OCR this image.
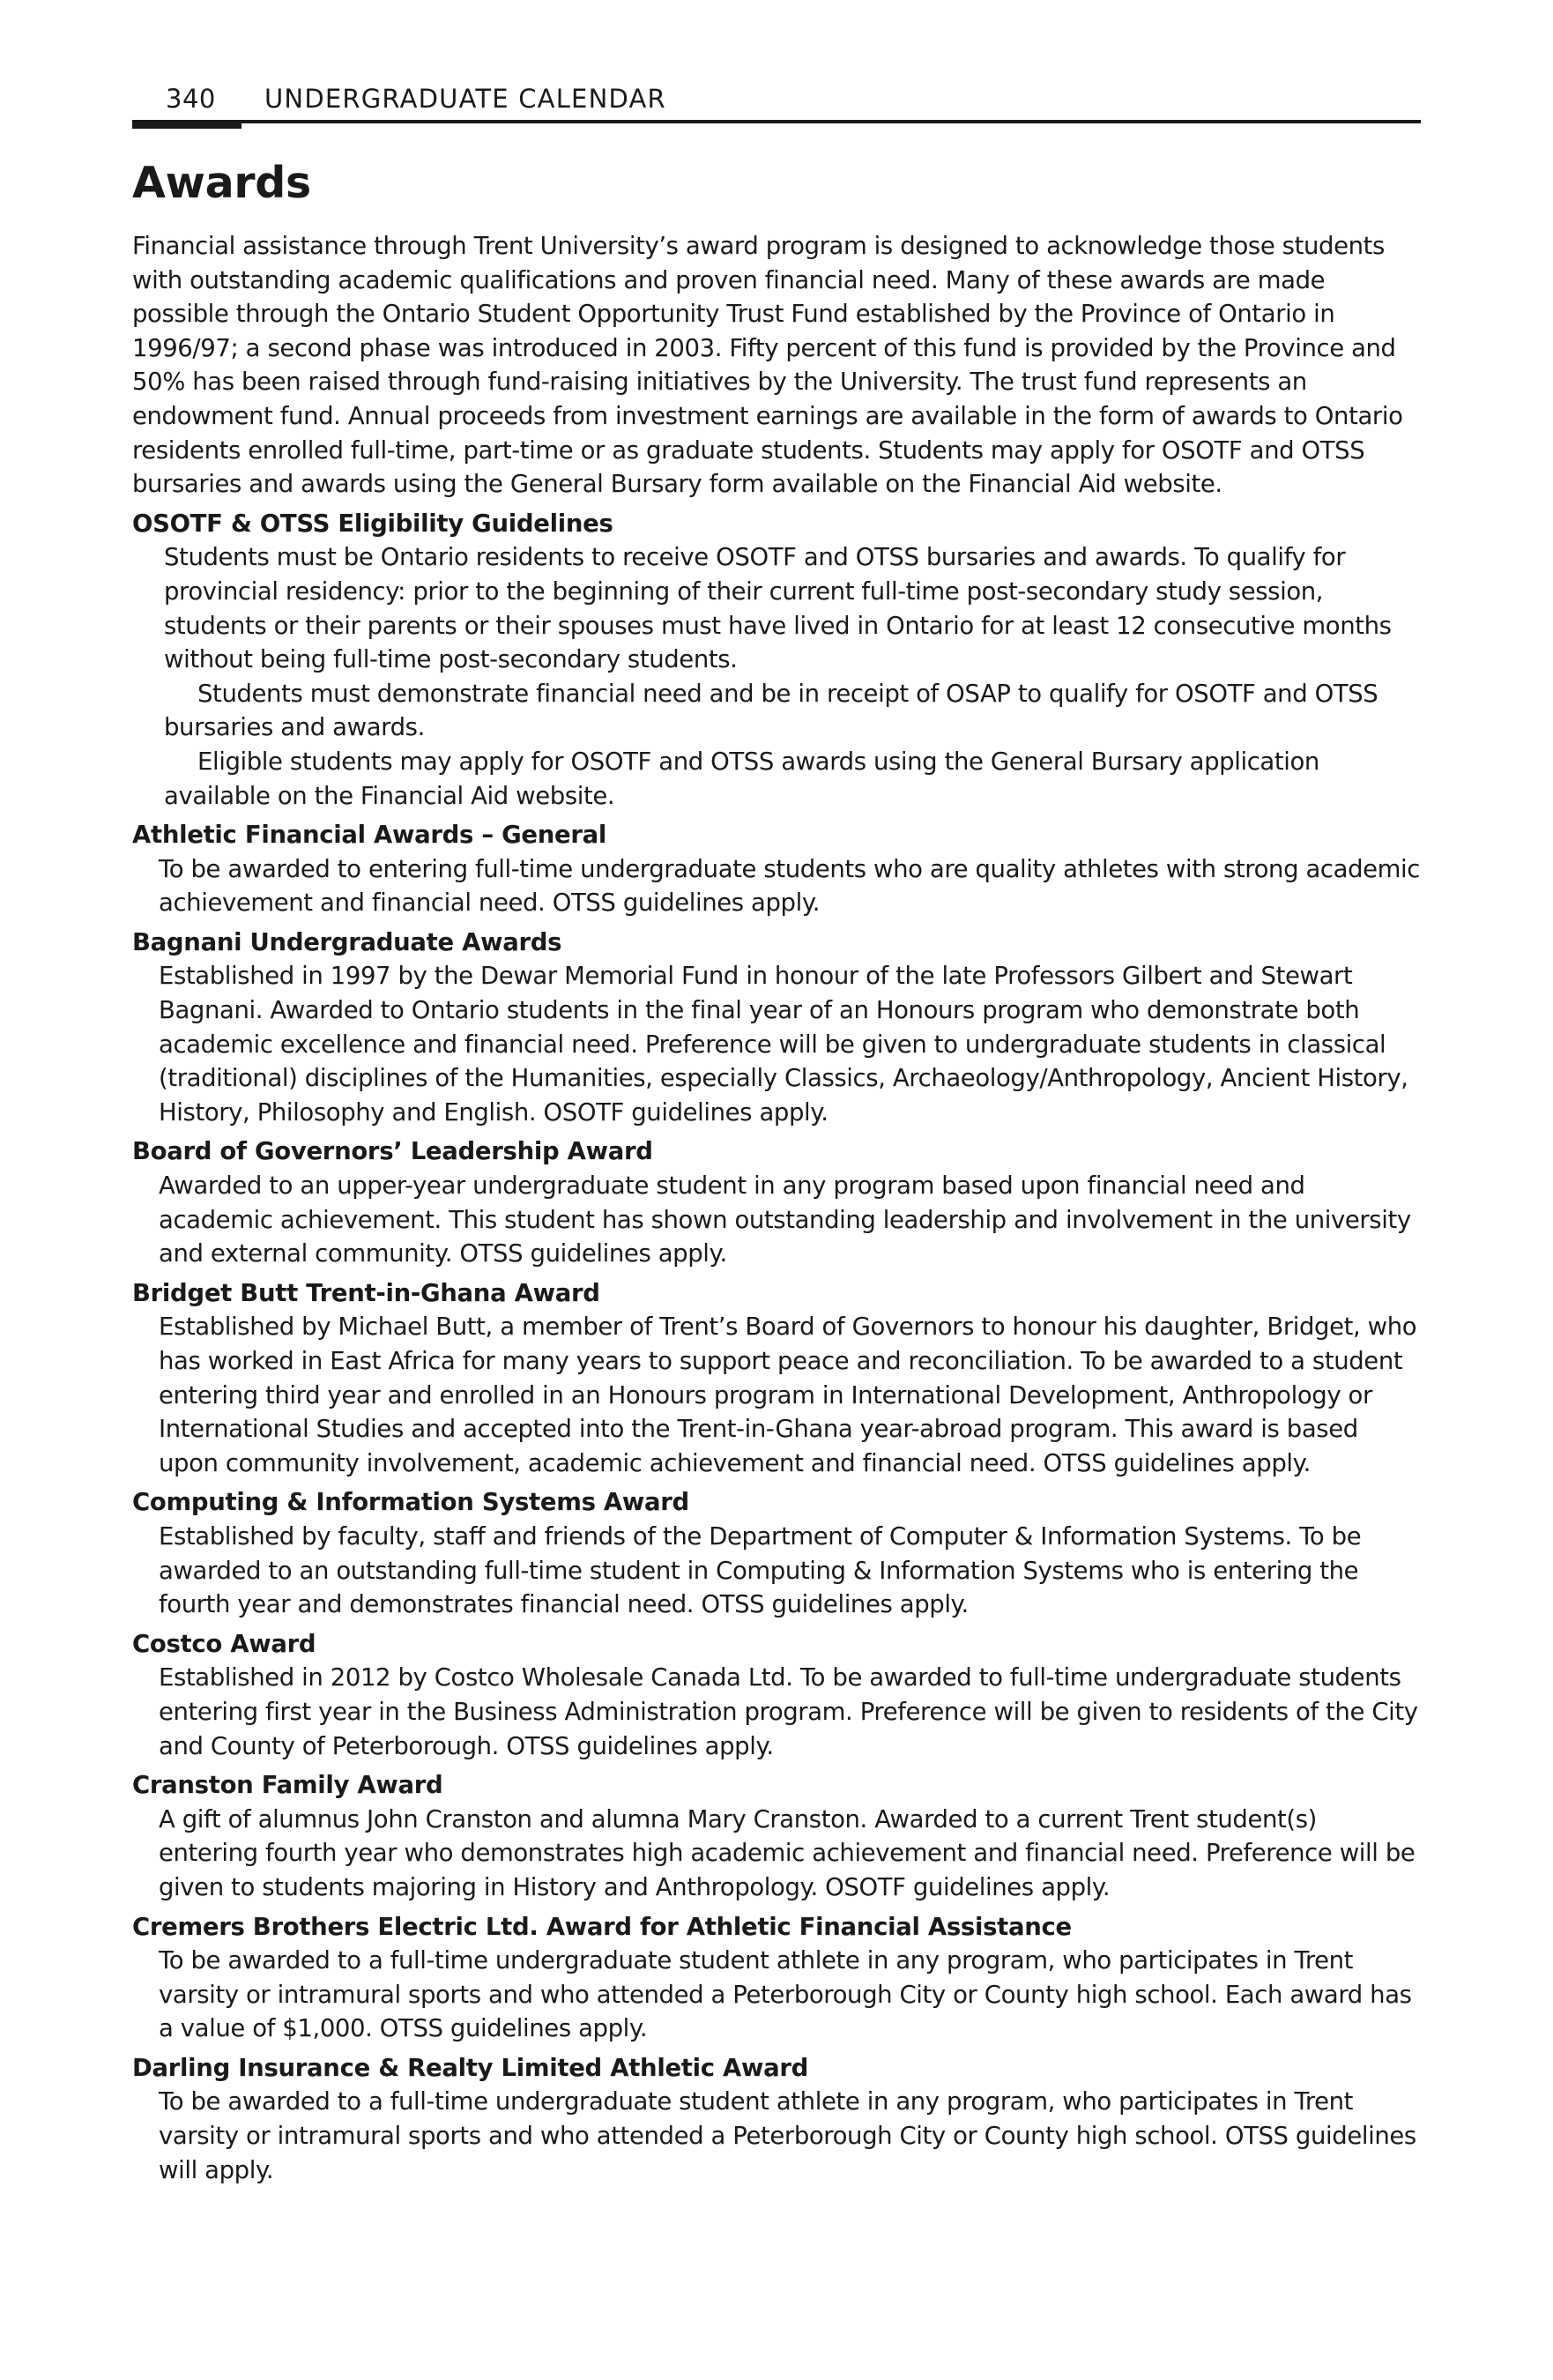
340 UNDERGRADUATE CALENDAR
Awards

Financial assistance through Trent University’s award program is designed to acknowledge those students with outstanding academic qualifications and proven financial need. Many of these awards are made possible through the Ontario Student Opportunity Trust Fund established by the Province of Ontario in 1996/97; a second phase was introduced in 2003. Fifty percent of this fund is provided by the Province and 50% has been raised through fund-raising initiatives by the University. The trust fund represents an endowment fund. Annual proceeds from investment earnings are available in the form of awards to Ontario residents enrolled full-time, part-time or as graduate students. Students may apply for OSOTF and OTSS bursaries and awards using the General Bursary form available on the Financial Aid website.

OSOTF & OTSS Eligibility Guidelines

Students must be Ontario residents to receive OSOTF and OTSS bursaries and awards. To qualify for provincial residency: prior to the beginning of their current full-time post-secondary study session, students or their parents or their spouses must have lived in Ontario for at least 12 consecutive months without being full-time post-secondary students.

Students must demonstrate financial need and be in receipt of OSAP to qualify for OSOTF and OTSS bursaries and awards.

Eligible students may apply for OSOTF and OTSS awards using the General Bursary application available on the Financial Aid website.

Athletic Financial Awards – General

To be awarded to entering full-time undergraduate students who are quality athletes with strong academic achievement and financial need. OTSS guidelines apply.

Bagnani Undergraduate Awards

Established in 1997 by the Dewar Memorial Fund in honour of the late Professors Gilbert and Stewart Bagnani. Awarded to Ontario students in the final year of an Honours program who demonstrate both academic excellence and financial need. Preference will be given to undergraduate students in classical (traditional) disciplines of the Humanities, especially Classics, Archaeology/Anthropology, Ancient History, History, Philosophy and English. OSOTF guidelines apply.

Board of Governors’ Leadership Award

Awarded to an upper-year undergraduate student in any program based upon financial need and academic achievement. This student has shown outstanding leadership and involvement in the university and external community. OTSS guidelines apply.

Bridget Butt Trent-in-Ghana Award

Established by Michael Butt, a member of Trent’s Board of Governors to honour his daughter, Bridget, who has worked in East Africa for many years to support peace and reconciliation. To be awarded to a student entering third year and enrolled in an Honours program in International Development, Anthropology or International Studies and accepted into the Trent-in-Ghana year-abroad program. This award is based upon community involvement, academic achievement and financial need. OTSS guidelines apply.

Computing & Information Systems Award

Established by faculty, staff and friends of the Department of Computer & Information Systems. To be awarded to an outstanding full-time student in Computing & Information Systems who is entering the fourth year and demonstrates financial need. OTSS guidelines apply.

Costco Award

Established in 2012 by Costco Wholesale Canada Ltd. To be awarded to full-time undergraduate students entering first year in the Business Administration program. Preference will be given to residents of the City and County of Peterborough. OTSS guidelines apply.

Cranston Family Award

A gift of alumnus John Cranston and alumna Mary Cranston. Awarded to a current Trent student(s) entering fourth year who demonstrates high academic achievement and financial need. Preference will be given to students majoring in History and Anthropology. OSOTF guidelines apply.

Cremers Brothers Electric Ltd. Award for Athletic Financial Assistance

To be awarded to a full-time undergraduate student athlete in any program, who participates in Trent varsity or intramural sports and who attended a Peterborough City or County high school. Each award has a value of $1,000. OTSS guidelines apply.

Darling Insurance & Realty Limited Athletic Award

To be awarded to a full-time undergraduate student athlete in any program, who participates in Trent varsity or intramural sports and who attended a Peterborough City or County high school. OTSS guidelines will apply.
